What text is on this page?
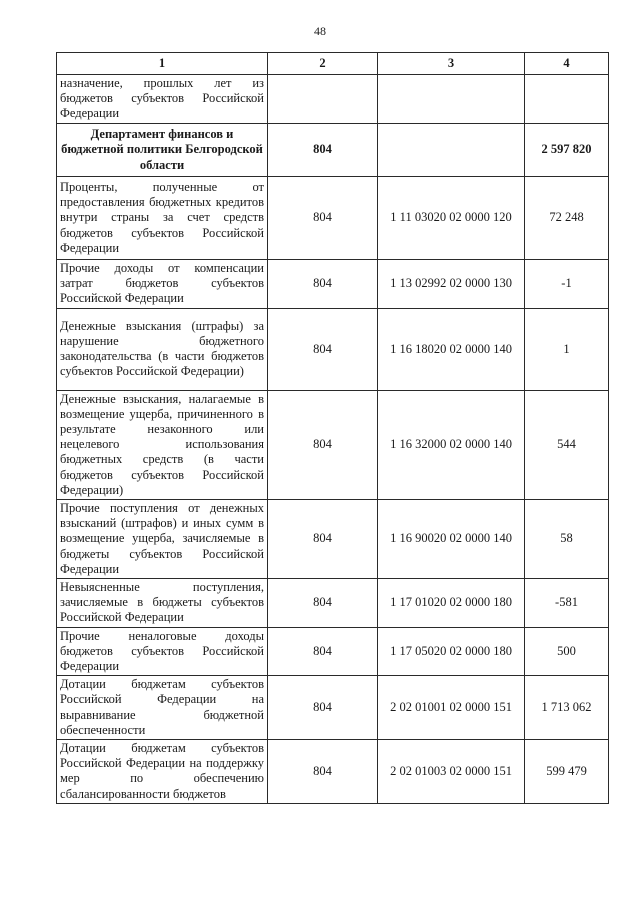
48
1	2	3	4
назначение, прошлых лет из бюджетов субъектов Российской Федерации			
Департамент финансов и бюджетной политики Белгородской области	804		2 597 820
Проценты, полученные от предоставления бюджетных кредитов внутри страны за счет средств бюджетов субъектов Российской Федерации	804	1 11 03020 02 0000 120	72 248
Прочие доходы от компенсации затрат бюджетов субъектов Российской Федерации	804	1 13 02992 02 0000 130	-1
Денежные взыскания (штрафы) за нарушение бюджетного законодательства (в части бюджетов субъектов Российской Федерации)	804	1 16 18020 02 0000 140	1
Денежные взыскания, налагаемые в возмещение ущерба, причиненного в результате незаконного или нецелевого использования бюджетных средств (в части бюджетов субъектов Российской Федерации)	804	1 16 32000 02 0000 140	544
Прочие поступления от денежных взысканий (штрафов) и иных сумм в возмещение ущерба, зачисляемые в бюджеты субъектов Российской Федерации	804	1 16 90020 02 0000 140	58
Невыясненные поступления, зачисляемые в бюджеты субъектов Российской Федерации	804	1 17 01020 02 0000 180	-581
Прочие неналоговые доходы бюджетов субъектов Российской Федерации	804	1 17 05020 02 0000 180	500
Дотации бюджетам субъектов Российской Федерации на выравнивание бюджетной обеспеченности	804	2 02 01001 02 0000 151	1 713 062
Дотации бюджетам субъектов Российской Федерации на поддержку мер по обеспечению сбалансированности бюджетов	804	2 02 01003 02 0000 151	599 479
